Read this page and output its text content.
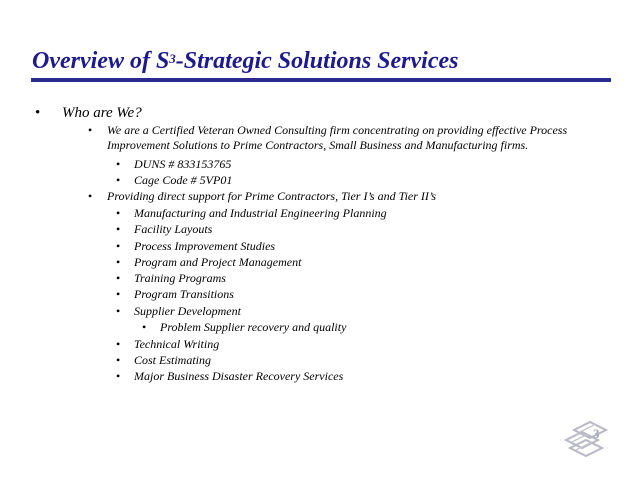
Overview of $S^3$-Strategic Solutions Services
• Who are We?
• We are a Certified Veteran Owned Consulting firm concentrating on providing effective Process
Improvement Solutions to Prime Contractors, Small Business and Manufacturing firms.
• DUNS # 833153765
• Cage Code # 5VP01
• Providing direct support for Prime Contractors, Tier I’s and Tier II’s
• Manufacturing and Industrial Engineering Planning
• Facility Layouts
• Process Improvement Studies
• Program and Project Management
• Training Programs
• Program Transitions
• Supplier Development
• Problem Supplier recovery and quality
• Technical Writing
• Cost Estimating
• Major Business Disaster Recovery Services
3
